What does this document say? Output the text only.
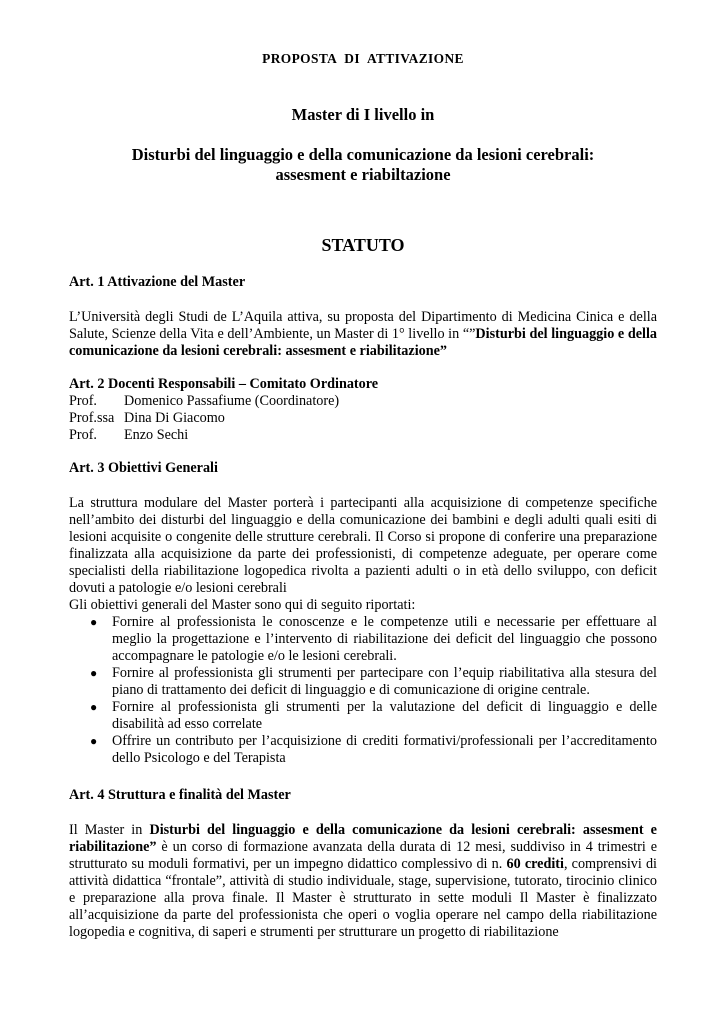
PROPOSTA DI ATTIVAZIONE

Master di I livello in

Disturbi del linguaggio e della comunicazione da lesioni cerebrali:
assesment e riabiltazione

STATUTO

Art. 1 Attivazione del Master

L’Università degli Studi de L’Aquila attiva, su proposta del Dipartimento di Medicina Cinica e della Salute, Scienze della Vita e dell’Ambiente, un Master di 1° livello in “”Disturbi del linguaggio e della comunicazione da lesioni cerebrali: assesment e riabilitazione”

Art. 2 Docenti Responsabili – Comitato Ordinatore

Prof.	Domenico Passafiume (Coordinatore)
Prof.ssa Dina Di Giacomo
Prof.	Enzo Sechi

Art. 3 Obiettivi Generali

La struttura modulare del Master porterà i partecipanti alla acquisizione di competenze specifiche nell’ambito dei disturbi del linguaggio e della comunicazione dei bambini e degli adulti quali esiti di lesioni acquisite o congenite delle strutture cerebrali. Il Corso si propone di conferire una preparazione finalizzata alla acquisizione da parte dei professionisti, di competenze adeguate, per operare come specialisti della riabilitazione logopedica rivolta a pazienti adulti o in età dello sviluppo, con deficit dovuti a patologie e/o lesioni cerebrali

Gli obiettivi generali del Master sono qui di seguito riportati:

● Fornire al professionista le conoscenze e le competenze utili e necessarie per effettuare al meglio la progettazione e l’intervento di riabilitazione dei deficit del linguaggio che possono accompagnare le patologie e/o le lesioni cerebrali.
● Fornire al professionista gli strumenti per partecipare con l’equip riabilitativa alla stesura del piano di trattamento dei deficit di linguaggio e di comunicazione di origine centrale.
● Fornire al professionista gli strumenti per la valutazione del deficit di linguaggio e delle disabilità ad esso correlate
● Offrire un contributo per l’acquisizione di crediti formativi/professionali per l’accreditamento dello Psicologo e del Terapista

Art. 4 Struttura e finalità del Master

Il Master in Disturbi del linguaggio e della comunicazione da lesioni cerebrali: assesment e riabilitazione” è un corso di formazione avanzata della durata di 12 mesi, suddiviso in 4 trimestri e strutturato su moduli formativi, per un impegno didattico complessivo di n. 60 crediti, comprensivi di attività didattica “frontale”, attività di studio individuale, stage, supervisione, tutorato, tirocinio clinico e preparazione alla prova finale. Il Master è strutturato in sette moduli Il Master è finalizzato all’acquisizione da parte del professionista che operi o voglia operare nel campo della riabilitazione logopedia e cognitiva, di saperi e strumenti per strutturare un progetto di riabilitazione
